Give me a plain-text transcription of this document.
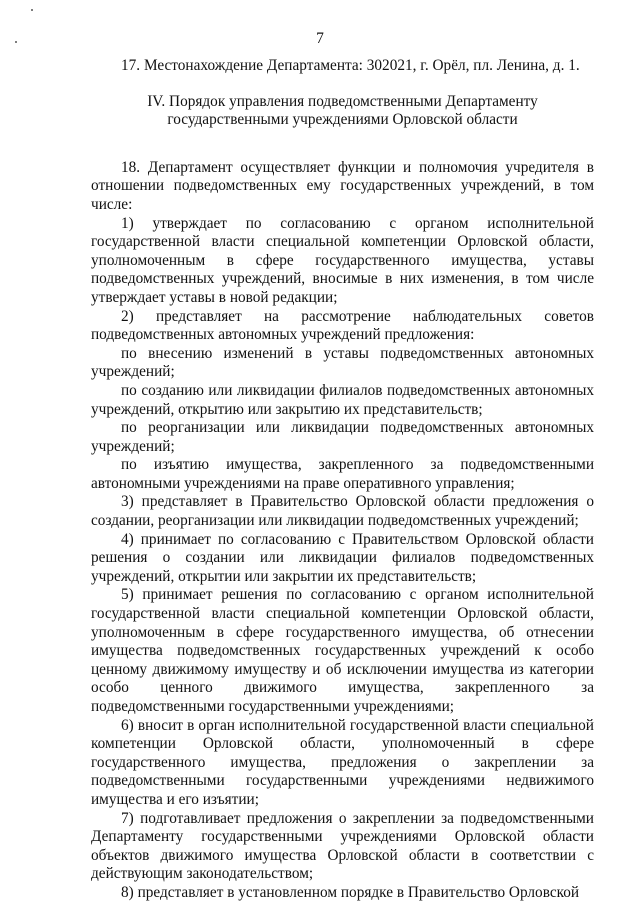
7

17. Местонахождение Департамента: 302021, г. Орёл, пл. Ленина, д. 1.

IV. Порядок управления подведомственными Департаменту
государственными учреждениями Орловской области

18. Департамент осуществляет функции и полномочия учредителя в отношении подведомственных ему государственных учреждений, в том числе:

1) утверждает по согласованию с органом исполнительной государственной власти специальной компетенции Орловской области, уполномоченным в сфере государственного имущества, уставы подведомственных учреждений, вносимые в них изменения, в том числе утверждает уставы в новой редакции;

2) представляет на рассмотрение наблюдательных советов подведомственных автономных учреждений предложения:

по внесению изменений в уставы подведомственных автономных учреждений;

по созданию или ликвидации филиалов подведомственных автономных учреждений, открытию или закрытию их представительств;

по реорганизации или ликвидации подведомственных автономных учреждений;

по изъятию имущества, закрепленного за подведомственными автономными учреждениями на праве оперативного управления;

3) представляет в Правительство Орловской области предложения о создании, реорганизации или ликвидации подведомственных учреждений;

4) принимает по согласованию с Правительством Орловской области решения о создании или ликвидации филиалов подведомственных учреждений, открытии или закрытии их представительств;

5) принимает решения по согласованию с органом исполнительной государственной власти специальной компетенции Орловской области, уполномоченным в сфере государственного имущества, об отнесении имущества подведомственных государственных учреждений к особо ценному движимому имуществу и об исключении имущества из категории особо ценного движимого имущества, закрепленного за подведомственными государственными учреждениями;

6) вносит в орган исполнительной государственной власти специальной компетенции Орловской области, уполномоченный в сфере государственного имущества, предложения о закреплении за подведомственными государственными учреждениями недвижимого имущества и его изъятии;

7) подготавливает предложения о закреплении за подведомственными Департаменту государственными учреждениями Орловской области объектов движимого имущества Орловской области в соответствии с действующим законодательством;

8) представляет в установленном порядке в Правительство Орловской
